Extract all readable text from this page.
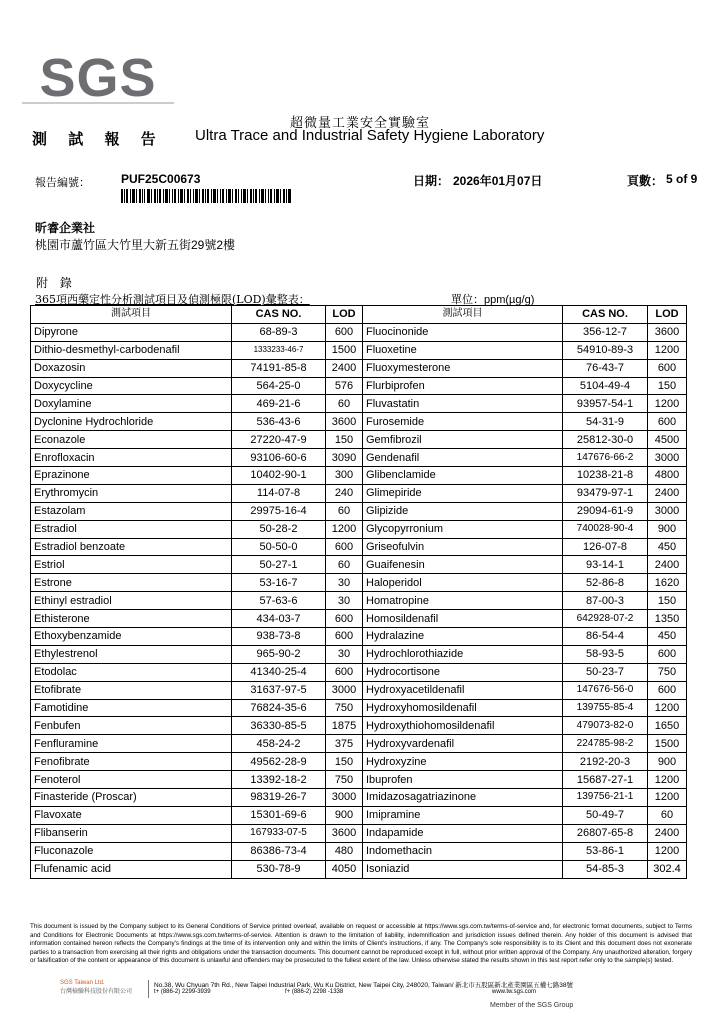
SGS
超微量工業安全實驗室
測 試 報 告 Ultra Trace and Industrial Safety Hygiene Laboratory
報告編號：	PUF25C00673	日期： 2026年01月07日	頁數： 5 of 9
昕睿企業社
桃園市蘆竹區大竹里大新五街29號2樓
附 錄
365項西藥定性分析測試項目及偵測極限(LOD)彙整表：	單位：ppm(µg/g)
測試項目	CAS NO.	LOD	測試項目	CAS NO.	LOD
Dipyrone	68-89-3	600	Fluocinonide	356-12-7	3600
Dithio-desmethyl-carbodenafil	1333233-46-7	1500	Fluoxetine	54910-89-3	1200
Doxazosin	74191-85-8	2400	Fluoxymesterone	76-43-7	600
Doxycycline	564-25-0	576	Flurbiprofen	5104-49-4	150
Doxylamine	469-21-6	60	Fluvastatin	93957-54-1	1200
Dyclonine Hydrochloride	536-43-6	3600	Furosemide	54-31-9	600
Econazole	27220-47-9	150	Gemfibrozil	25812-30-0	4500
Enrofloxacin	93106-60-6	3090	Gendenafil	147676-66-2	3000
Eprazinone	10402-90-1	300	Glibenclamide	10238-21-8	4800
Erythromycin	114-07-8	240	Glimepiride	93479-97-1	2400
Estazolam	29975-16-4	60	Glipizide	29094-61-9	3000
Estradiol	50-28-2	1200	Glycopyrronium	740028-90-4	900
Estradiol benzoate	50-50-0	600	Griseofulvin	126-07-8	450
Estriol	50-27-1	60	Guaifenesin	93-14-1	2400
Estrone	53-16-7	30	Haloperidol	52-86-8	1620
Ethinyl estradiol	57-63-6	30	Homatropine	87-00-3	150
Ethisterone	434-03-7	600	Homosildenafil	642928-07-2	1350
Ethoxybenzamide	938-73-8	600	Hydralazine	86-54-4	450
Ethylestrenol	965-90-2	30	Hydrochlorothiazide	58-93-5	600
Etodolac	41340-25-4	600	Hydrocortisone	50-23-7	750
Etofibrate	31637-97-5	3000	Hydroxyacetildenafil	147676-56-0	600
Famotidine	76824-35-6	750	Hydroxyhomosildenafil	139755-85-4	1200
Fenbufen	36330-85-5	1875	Hydroxythiohomosildenafil	479073-82-0	1650
Fenfluramine	458-24-2	375	Hydroxyvardenafil	224785-98-2	1500
Fenofibrate	49562-28-9	150	Hydroxyzine	2192-20-3	900
Fenoterol	13392-18-2	750	Ibuprofen	15687-27-1	1200
Finasteride (Proscar)	98319-26-7	3000	Imidazosagatriazinone	139756-21-1	1200
Flavoxate	15301-69-6	900	Imipramine	50-49-7	60
Flibanserin	167933-07-5	3600	Indapamide	26807-65-8	2400
Fluconazole	86386-73-4	480	Indomethacin	53-86-1	1200
Flufenamic acid	530-78-9	4050	Isoniazid	54-85-3	302.4
This document is issued by the Company subject to its General Conditions of Service printed overleaf, available on request or accessible at https://www.sgs.com.tw/terms-of-service and, for electronic format documents, subject to Terms and Conditions for Electronic Documents at https://www.sgs.com.tw/terms-of-service. Attention is drawn to the limitation of liability, indemnification and jurisdiction issues defined therein. Any holder of this document is advised that information contained hereon reflects the Company's findings at the time of its intervention only and within the limits of Client's instructions, if any. The Company's sole responsibility is to its Client and this document does not exonerate parties to a transaction from exercising all their rights and obligations under the transaction documents. This document cannot be reproduced except in full, without prior written approval of the Company. Any unauthorized alteration, forgery or falsification of the content or appearance of this document is unlawful and offenders may be prosecuted to the fullest extent of the law. Unless otherwise stated the results shown in this test report refer only to the sample(s) tested.
SGS Taiwan Ltd.
台灣檢驗科技股份有限公司
No.38, Wu Chyuan 7th Rd., New Taipei Industrial Park, Wu Ku District, New Taipei City, 248020, Taiwan/ 新北市五股區新北產業園區五權七路38號
t+ (886-2) 2299-3939	f+ (886-2) 2298 -1338	www.tw.sgs.com
Member of the SGS Group
